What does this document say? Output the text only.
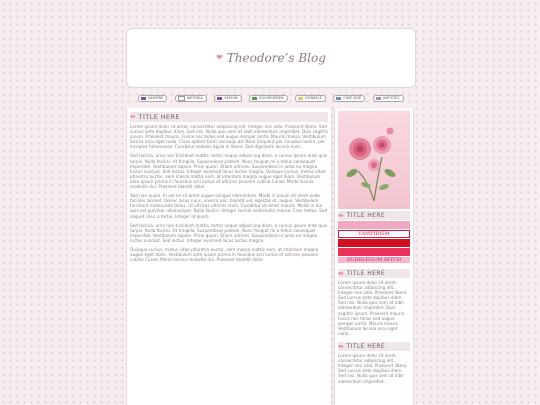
❤ Theodore’s Blog
VAMPIRE	WEITHEA	SEXIUM	SUCHEGREEN	DONRELE	CIME SIDE	ANTISTEC
▬ TITLE HERE

Lorem ipsum dolor sit amet, consectetur adipiscing elit. Integer nec odio. Praesent libero. Sed cursus ante dapibus diam. Sed nisi. Nulla quis sem at nibh elementum imperdiet. Duis sagittis ipsum. Praesent mauris. Fusce nec tellus sed augue semper porta. Mauris massa. Vestibulum lacinia arcu eget nulla. Class aptent taciti sociosqu ad litora torquent per conubia nostra, per inceptos himenaeos. Curabitur sodales ligula in libero. Sed dignissim lacinia nunc.

Sed lacinia, urna non tincidunt mattis, tortor neque adipiscing diam, a cursus ipsum ante quis turpis. Nulla facilisi. Ut fringilla. Suspendisse potenti. Nunc feugiat mi a tellus consequat imperdiet. Vestibulum sapien. Proin quam. Etiam ultrices. Suspendisse in justo eu magna luctus suscipit. Sed lectus. Integer euismod lacus luctus magna. Quisque cursus, metus vitae pharetra auctor, sem massa mattis sem, at interdum magna augue eget diam. Vestibulum ante ipsum primis in faucibus orci luctus et ultrices posuere cubilia Curae; Morbi lacinia molestie dui. Praesent blandit dolor.

Sed non quam. In vel mi sit amet augue congue elementum. Morbi in ipsum sit amet pede facilisis laoreet. Donec lacus nunc, viverra nec, blandit vel, egestas et, augue. Vestibulum tincidunt malesuada tellus. Ut ultrices ultrices enim. Curabitur sit amet mauris. Morbi in dui quis est pulvinar ullamcorper. Nulla facilisi. Integer lacinia sollicitudin massa. Cras metus. Sed aliquet risus a tortor. Integer id quam.

Sed lacinia, urna non tincidunt mattis, tortor neque adipiscing diam, a cursus ipsum ante quis turpis. Nulla facilisi. Ut fringilla. Suspendisse potenti. Nunc feugiat mi a tellus consequat imperdiet. Vestibulum sapien. Proin quam. Etiam ultrices. Suspendisse in justo eu magna luctus suscipit. Sed lectus. Integer euismod lacus luctus magna.

Quisque cursus, metus vitae pharetra auctor, sem massa mattis sem, at interdum magna augue eget diam. Vestibulum ante ipsum primis in faucibus orci luctus et ultrices posuere cubilia Curae; Morbi lacinia molestie dui. Praesent blandit dolor.

▬ TITLE HERE
VAMPIRISM
BUBBLEGUM BITCH
▬ TITLE HERE

Lorem ipsum dolor sit amet, consectetur adipiscing elit. Integer nec odio. Praesent libero. Sed cursus ante dapibus diam. Sed nisi. Nulla quis sem at nibh elementum imperdiet. Duis sagittis ipsum. Praesent mauris. Fusce nec tellus sed augue semper porta. Mauris massa. Vestibulum lacinia arcu eget nulla.

▬ TITLE HERE

Lorem ipsum dolor sit amet, consectetur adipiscing elit. Integer nec odio. Praesent libero. Sed cursus ante dapibus diam. Sed nisi. Nulla quis sem at nibh elementum imperdiet.
